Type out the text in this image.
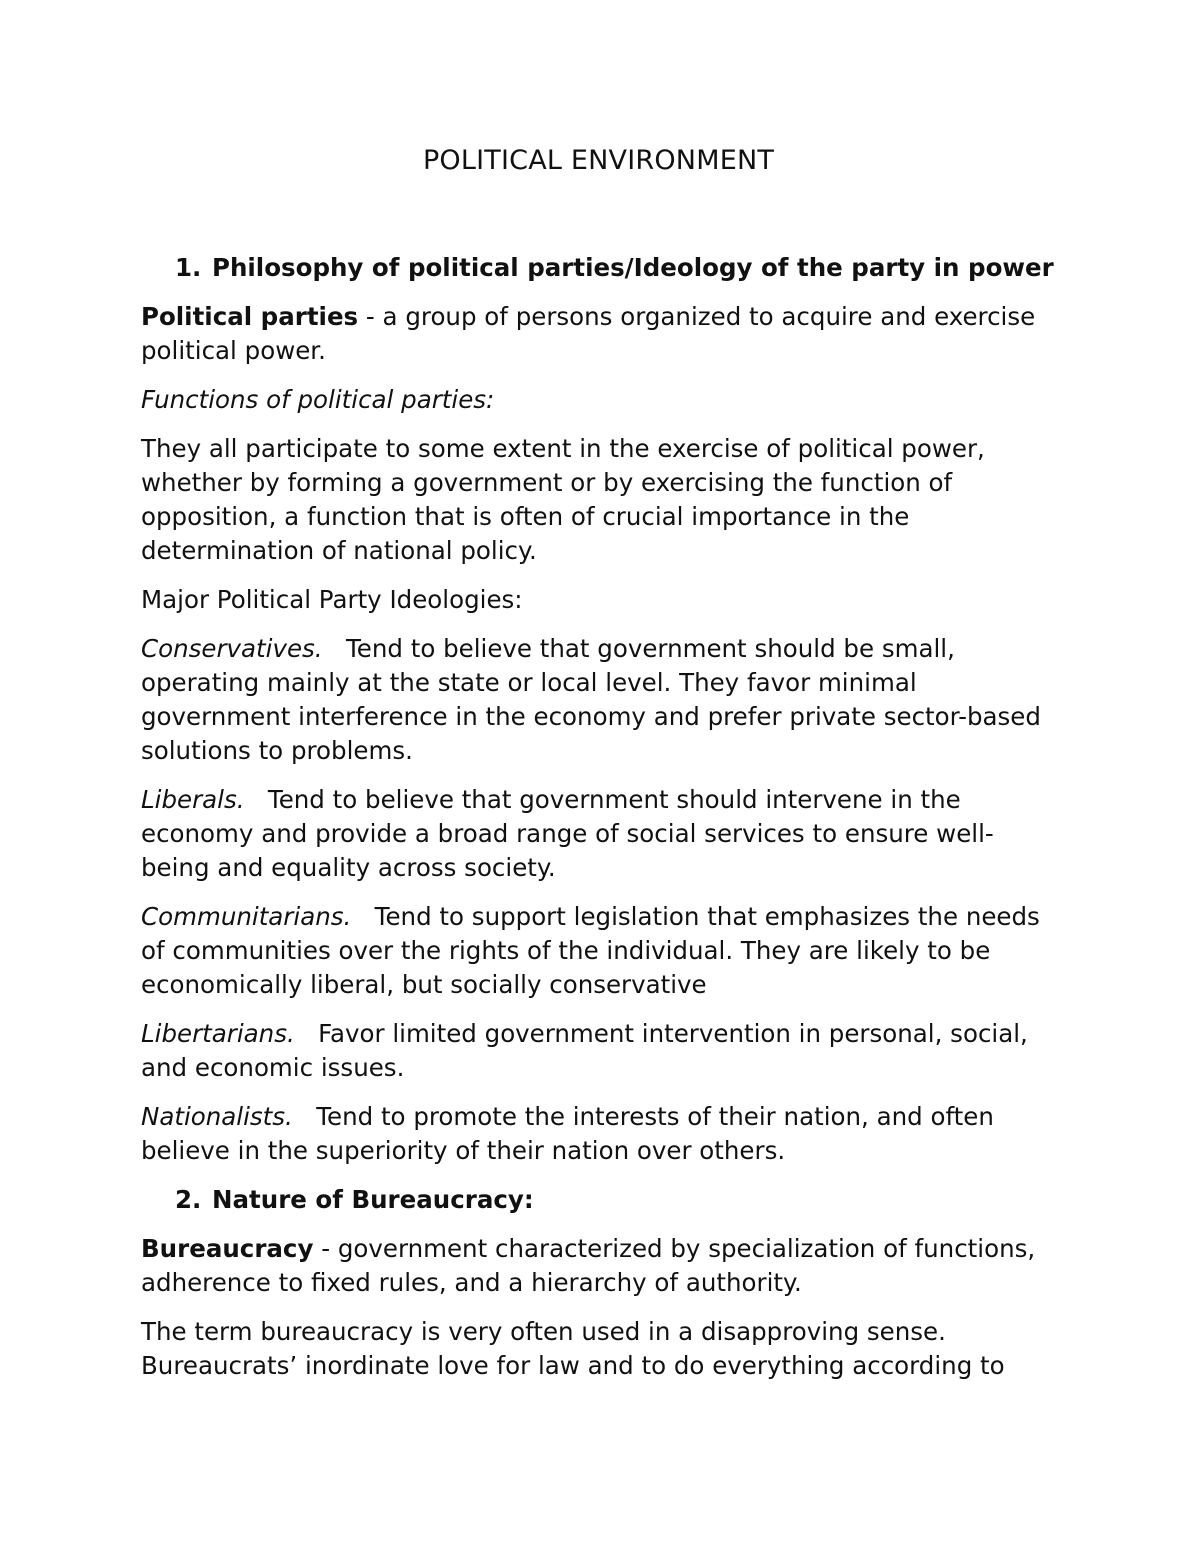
POLITICAL ENVIRONMENT

1. Philosophy of political parties/Ideology of the party in power

Political parties - a group of persons organized to acquire and exercise political power.

Functions of political parties:

They all participate to some extent in the exercise of political power, whether by forming a government or by exercising the function of opposition, a function that is often of crucial importance in the determination of national policy.

Major Political Party Ideologies:

Conservatives. Tend to believe that government should be small, operating mainly at the state or local level. They favor minimal government interference in the economy and prefer private sector-based solutions to problems.

Liberals. Tend to believe that government should intervene in the economy and provide a broad range of social services to ensure well-being and equality across society.

Communitarians. Tend to support legislation that emphasizes the needs of communities over the rights of the individual. They are likely to be economically liberal, but socially conservative

Libertarians. Favor limited government intervention in personal, social, and economic issues.

Nationalists. Tend to promote the interests of their nation, and often believe in the superiority of their nation over others.

2. Nature of Bureaucracy:

Bureaucracy - government characterized by specialization of functions, adherence to fixed rules, and a hierarchy of authority.

The term bureaucracy is very often used in a disapproving sense. Bureaucrats’ inordinate love for law and to do everything according to
